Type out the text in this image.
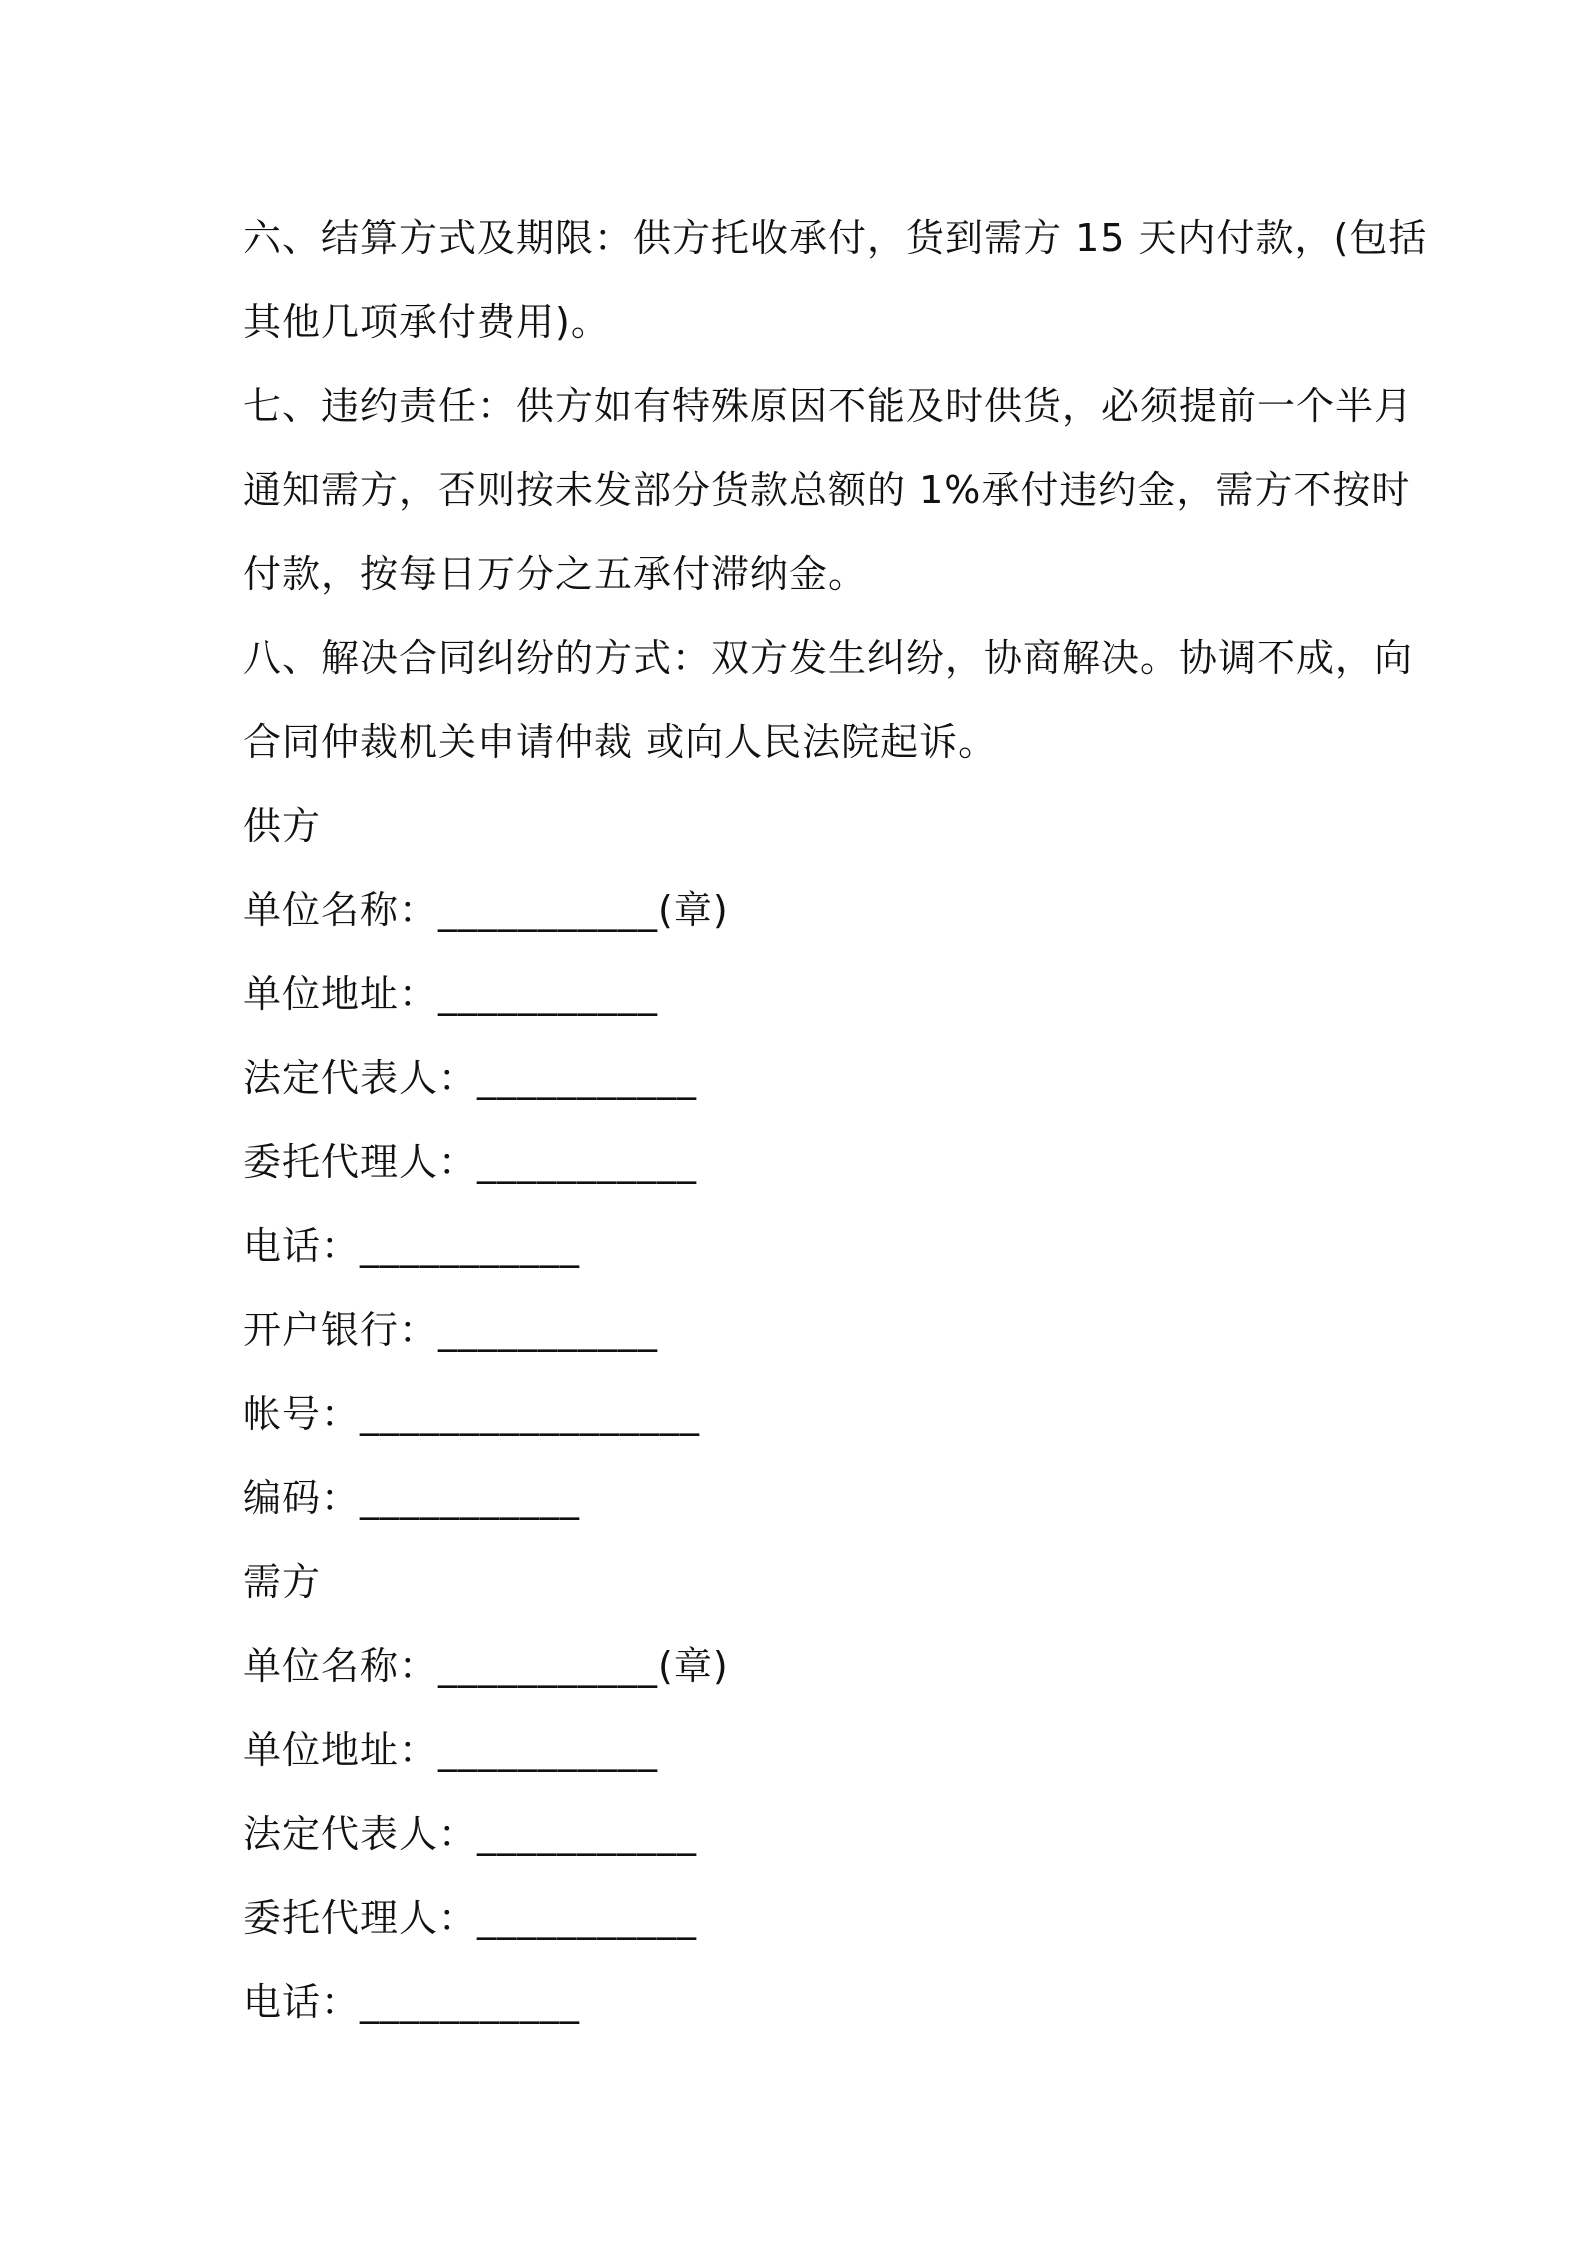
六、结算方式及期限：供方托收承付，货到需方 15 天内付款，(包括
其他几项承付费用)。
七、违约责任：供方如有特殊原因不能及时供货，必须提前一个半月
通知需方，否则按未发部分货款总额的 1%承付违约金，需方不按时
付款，按每日万分之五承付滞纳金。
八、解决合同纠纷的方式：双方发生纠纷，协商解决。协调不成，向
合同仲裁机关申请仲裁 或向人民法院起诉。
供方
单位名称：___________(章)
单位地址：___________
法定代表人：___________
委托代理人：___________
电话：___________
开户银行：___________
帐号：_________________
编码：___________
需方
单位名称：___________(章)
单位地址：___________
法定代表人：___________
委托代理人：___________
电话：___________
